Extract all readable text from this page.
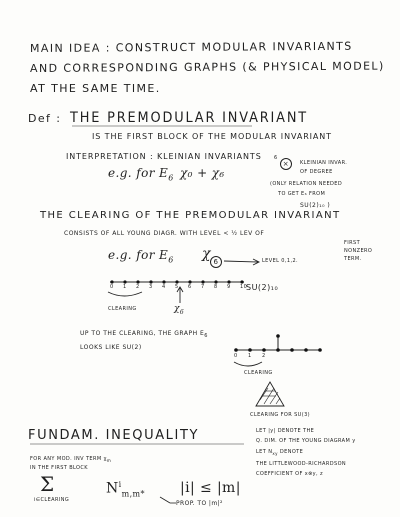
MAIN IDEA : CONSTRUCT MODULAR INVARIANTS
AND CORRESPONDING GRAPHS (& PHYSICAL MODEL)
AT THE SAME TIME.
Def : THE PREMODULAR INVARIANT
IS THE FIRST BLOCK OF THE MODULAR INVARIANT
INTERPRETATION : KLEINIAN INVARIANTS
e.g. for $E_6$ χ₀ + χ₆
6
×	KLEINIAN INVAR.
OF DEGREE
(ONLY RELATION NEEDED
TO GET E₆ FROM
SU(2)₁₀ )
THE CLEARING OF THE PREMODULAR INVARIANT
CONSISTS OF ALL YOUNG DIAGR. WITH LEVEL < ½ LEV OF
FIRST
NONZERO
TERM.
e.g. for $E_6$ χ 6	LEVEL 0,1,2.
0 1 2 3 4 5 6 7 8 9 10
SU(2)₁₀
CLEARING	$\chi_6$
UP TO THE CLEARING, THE GRAPH $E_6$
LOOKS LIKE SU(2)
0 1 2
CLEARING
CLEARING FOR SU(3)
FUNDAM. INEQUALITY	LET |y| DENOTE THE
Q. DIM. OF THE YOUNG DIAGRAM y
LET $N_{xy}$ DENOTE
THE LITTLEWOOD-RICHARDSON
COEFFICIENT OF x⊗y, z
FOR ANY MOD. INV TERM $\chi_m$
IN THE FIRST BLOCK
Σ
i∈CLEARING
$N^i_{m,m*}$	|i| ≤ |m|
PROP. TO |m|²
